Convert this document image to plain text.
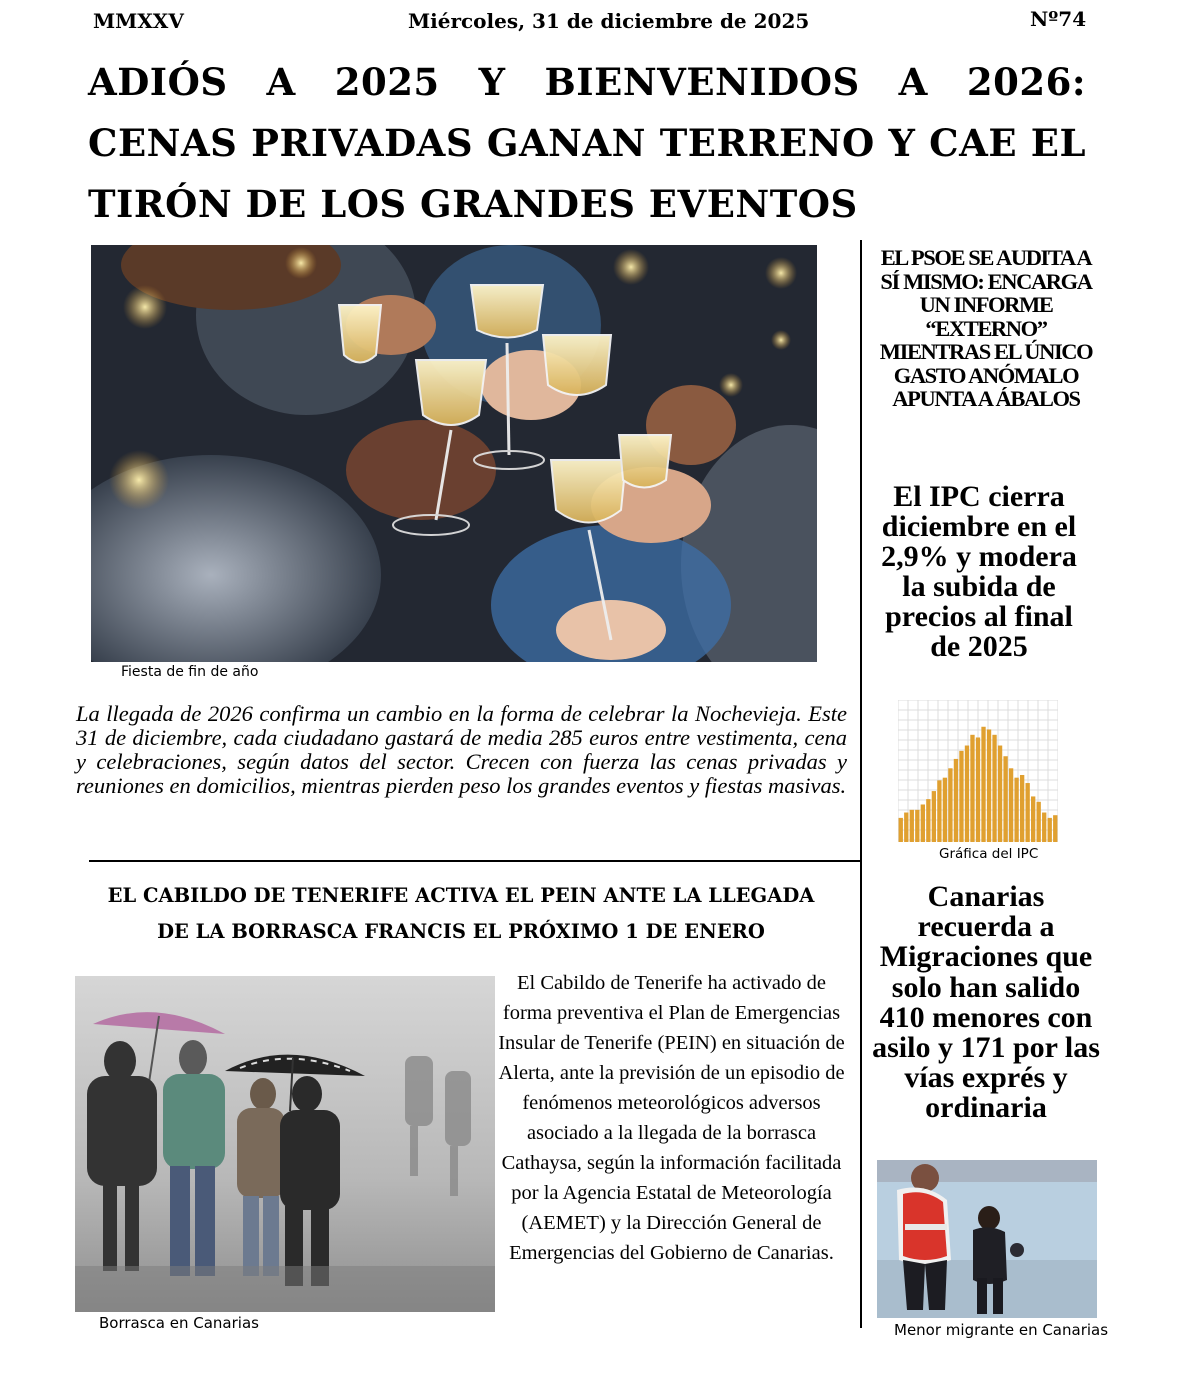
MMXXV	Miércoles, 31 de diciembre de 2025	Nº74
ADIÓS A 2025 Y BIENVENIDOS A 2026: CENAS PRIVADAS GANAN TERRENO Y CAE EL TIRÓN DE LOS GRANDES EVENTOS
Fiesta de fin de año
La llegada de 2026 confirma un cambio en la forma de celebrar la Nochevieja. Este 31 de diciembre, cada ciudadano gastará de media 285 euros entre vestimenta, cena y celebraciones, según datos del sector. Crecen con fuerza las cenas privadas y reuniones en domicilios, mientras pierden peso los grandes eventos y fiestas masivas.
EL CABILDO DE TENERIFE ACTIVA EL PEIN ANTE LA LLEGADA DE LA BORRASCA FRANCIS EL PRÓXIMO 1 DE ENERO
Borrasca en Canarias
El Cabildo de Tenerife ha activado de forma preventiva el Plan de Emergencias Insular de Tenerife (PEIN) en situación de Alerta, ante la previsión de un episodio de fenómenos meteorológicos adversos asociado a la llegada de la borrasca Cathaysa, según la información facilitada por la Agencia Estatal de Meteorología (AEMET) y la Dirección General de Emergencias del Gobierno de Canarias.
EL PSOE SE AUDITA A SÍ MISMO: ENCARGA UN INFORME “EXTERNO” MIENTRAS EL ÚNICO GASTO ANÓMALO APUNTA A ÁBALOS
El IPC cierra diciembre en el 2,9% y modera la subida de precios al final de 2025
Gráfica del IPC
Canarias recuerda a Migraciones que solo han salido 410 menores con asilo y 171 por las vías exprés y ordinaria
Menor migrante en Canarias
